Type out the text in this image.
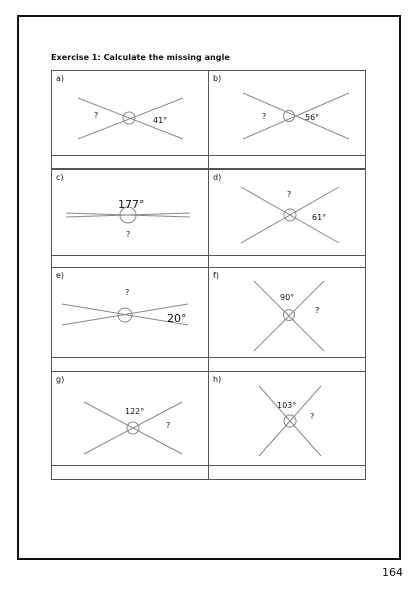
Exercise 1: Calculate the missing angle
a)
?
41°
b)
?	56°
c)
177°
?
d)
?
61°
e)
?
20°
f)
90°
?
g)
122°
?
h)
103°
?
164
